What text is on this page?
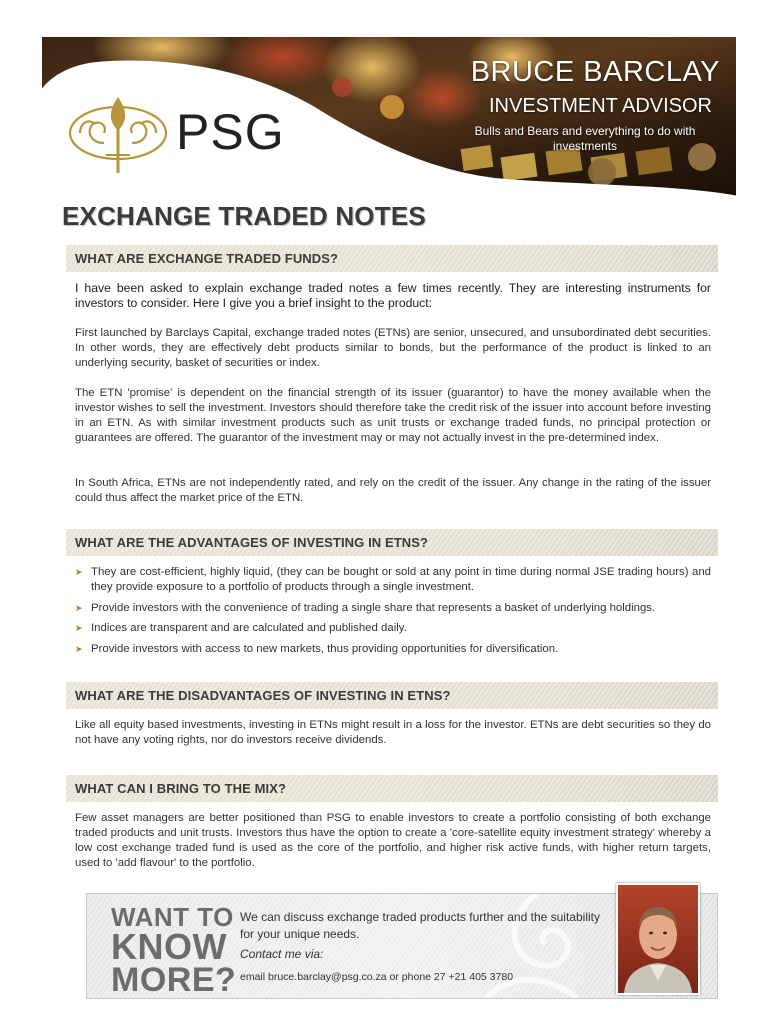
PSG
BRUCE BARCLAY
INVESTMENT ADVISOR
Bulls and Bears and everything to do with investments
EXCHANGE TRADED NOTES
WHAT ARE EXCHANGE TRADED FUNDS?

I have been asked to explain exchange traded notes a few times recently. They are interesting instruments for investors to consider. Here I give you a brief insight to the product:

First launched by Barclays Capital, exchange traded notes (ETNs) are senior, unsecured, and unsubordinated debt securities. In other words, they are effectively debt products similar to bonds, but the performance of the product is linked to an underlying security, basket of securities or index.

The ETN 'promise' is dependent on the financial strength of its issuer (guarantor) to have the money available when the investor wishes to sell the investment. Investors should therefore take the credit risk of the issuer into account before investing in an ETN. As with similar investment products such as unit trusts or exchange traded funds, no principal protection or guarantees are offered. The guarantor of the investment may or may not actually invest in the pre-determined index.

In South Africa, ETNs are not independently rated, and rely on the credit of the issuer. Any change in the rating of the issuer could thus affect the market price of the ETN.

WHAT ARE THE ADVANTAGES OF INVESTING IN ETNS?
➤ They are cost-efficient, highly liquid, (they can be bought or sold at any point in time during normal JSE trading hours) and they provide exposure to a portfolio of products through a single investment.
➤ Provide investors with the convenience of trading a single share that represents a basket of underlying holdings.
➤ Indices are transparent and are calculated and published daily.
➤ Provide investors with access to new markets, thus providing opportunities for diversification.
WHAT ARE THE DISADVANTAGES OF INVESTING IN ETNS?

Like all equity based investments, investing in ETNs might result in a loss for the investor. ETNs are debt securities so they do not have any voting rights, nor do investors receive dividends.

WHAT CAN I BRING TO THE MIX?

Few asset managers are better positioned than PSG to enable investors to create a portfolio consisting of both exchange traded products and unit trusts. Investors thus have the option to create a 'core-satellite equity investment strategy' whereby a low cost exchange traded fund is used as the core of the portfolio, and higher risk active funds, with higher return targets, used to 'add flavour' to the portfolio.

WANT TO
KNOW
MORE?
We can discuss exchange traded products further and the suitability for your unique needs.
Contact me via:
email bruce.barclay@psg.co.za or phone 27 +21 405 3780
